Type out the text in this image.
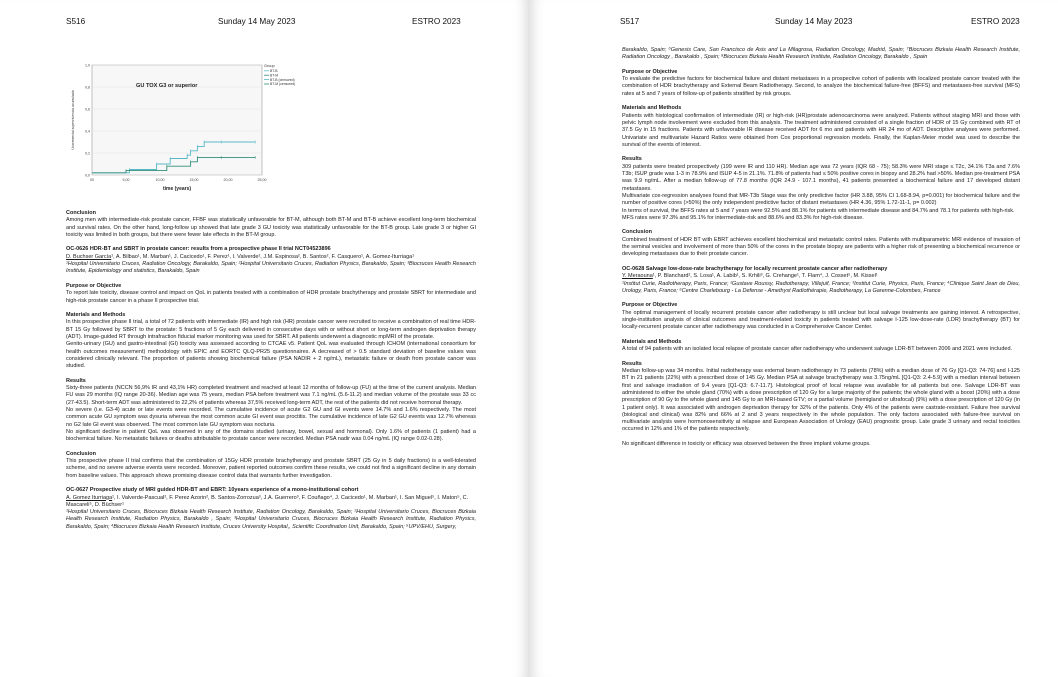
S516	Sunday 14 May 2023	ESTRO 2023
0,0
0,2
0,4
0,6
0,8
1,0
00	5,00	10,00	15,00	20,00	25,00
time (years)
Uncremental superviviencia acumulada
GU TOX G3 or superior
Group
BT-B
BT-M
BT-B (censored)
BT-M (censored)
Conclusion

Among men with intermediate-risk prostate cancer, FFBF was statistically unfavorable for BT-M, although both BT-M and BT-B achieve excellent long-term biochemical and survival rates. On the other hand, long-follow up showed that late grade 3 GU toxicity was statistically unfavorable for the BT-B group. Late grade 3 or higher GI toxicity was limited in both groups, but there were fewer late effects in the BT-M group.

OC-0626 HDR-BT and SBRT in prostate cancer: results from a prospective phase II trial NCT04523896
D. Buchser García¹, A. Bilbao¹, M. Marban¹, J. Cacicedo¹, F. Perez¹, I. Valverde², J.M. Espinosa², B. Santos², F. Casquero¹, A. Gomez-Iturriaga¹
¹Hospital Universitario Cruces, Radiation Oncology, Barakaldo, Spain; ²Hospital Universitario Cruces, Radiation Physics, Barakaldo, Spain; ³Biocruces Health Research Institute, Epidemiology and statistics, Barakaldo, Spain
Purpose or Objective

To report late toxicity, disease control and impact on QoL in patients treated with a combination of HDR prostate brachytherapy and prostate SBRT for intermediate and high-risk prostate cancer in a phase II prospective trial.

Materials and Methods

In this prospective phase II trial, a total of 72 patients with intermediate (IR) and high risk (HR) prostate cancer were recruited to receive a combination of real time HDR-BT 15 Gy followed by SBRT to the prostate: 5 fractions of 5 Gy each delivered in consecutive days with or without short or long-term androgen deprivation therapy (ADT). Image-guided RT through intrafraction fiducial marker monitoring was used for SBRT. All patients underwent a diagnostic mpMRI of the prostate.
Genito-urinary (GU) and gastro-intestinal (GI) toxicity was assessed according to CTCAE v5. Patient QoL was evaluated through ICHOM (international consortium for health outcomes measurement) methodology with EPIC and EORTC QLQ-PR25 questionnaires. A decreased of > 0.5 standard deviation of baseline values was considered clinically relevant. The proportion of patients showing biochemical failure (PSA NADIR + 2 ng/mL), metastatic failure or death from prostate cancer was studied.

Results

Sixty-three patients (NCCN 56,9% IR and 43,1% HR) completed treatment and reached at least 12 months of follow-up (FU) at the time of the current analysis. Median FU was 29 months (IQ range 20-36). Median age was 75 years, median PSA before treatment was 7.1 ng/mL (5.6-11.2) and median volume of the prostate was 33 cc (27-43.5). Short-term ADT was administered to 22,2% of patients whereas 37,5% received long-term ADT, the rest of the patients did not receive hormonal therapy.
No severe (i.e. G3-4) acute or late events were recorded. The cumulative incidence of acute G2 GU and GI events were 14.7% and 1.6% respectively. The most common acute GU symptom was dysuria whereas the most common acute GI event was proctitis. The cumulative incidence of late G2 GU events was 12.7% whereas no G2 late GI event was observed. The most common late GU symptom was nocturia.
No significant decline in patient QoL was observed in any of the domains studied (urinary, bowel, sexual and hormonal). Only 1.6% of patients (1 patient) had a biochemical failure. No metastatic failures or deaths attributable to prostate cancer were recorded. Median PSA nadir was 0.04 ng/mL (IQ range 0.02-0.28).

Conclusion

This prospective phase II trial confirms that the combination of 15Gy HDR prostate brachytherapy and prostate SBRT (25 Gy in 5 daily fractions) is a well-tolerated scheme, and no severe adverse events were recorded. Moreover, patient reported outcomes confirm these results, we could not find a significant decline in any domain from baseline values. This approach shows promising disease control data that warrants further investigation.

OC-0627 Prospective study of MRI guided HDR-BT and EBRT: 10years experience of a mono-institutional cohort
A. Gomez Iturriaga¹, I. Valverde-Pascual², F. Perez Azorin², B. Santos-Zorrozua³, J.A. Guerrero³, F. Couñago⁴, J. Cacicedo¹, M. Marban¹, I. San Miguel⁵, I. Maton⁵, C. Mascareli⁵, D. Büchser¹
¹Hospital Universitario Cruces, Biocruces Bizkaia Health Research Institute, Radiation Oncology, Barakaldo, Spain; ²Hospital Universitario Cruces, Biocruces Bizkaia Health Research Institute, Radiation Physics, Barakaldo , Spain; ³Hospital Universitario Cruces, Biocruces Bizkaia Health Research Institute, Radiation Physics, Barakaldo, Spain; ⁴Biocruces Bizkaia Health Research Institute, Cruces University Hospital,, Scientific Coordination Unit, Barakaldo, Spain; ⁵UPV/EHU, Surgery,
S517	Sunday 14 May 2023	ESTRO 2023
Barakaldo, Spain; ⁶Genesis Care, San Francisco de Asis and La Milagrosa, Radiation Oncology, Madrid, Spain; ⁷Biocruces Bizkaia Health Research Institute, Radiation Oncology , Barakaldo , Spain; ⁸Biocruces Bizkaia Health Research Institute, Radiation Oncology, Barakaldo , Spain
Purpose or Objective

To evaluate the predictive factors for biochemical failure and distant metastases in a prospective cohort of patients with localized prostate cancer treated with the combination of HDR brachytherapy and External Beam Radiotherapy. Second, to analyze the biochemical failure-free (BFFS) and metastases-free survival (MFS) rates at 5 and 7 years of follow-up of patients stratified by risk groups.

Materials and Methods

Patients with histological confirmation of intermediate (IR) or high-risk (HR)prostate adenocarcinoma were analyzed. Patients without staging MRI and those with pelvic lymph node involvement were excluded from this analysis. The treatment administered consisted of a single fraction of HDR of 15 Gy combined with RT of 37.5 Gy in 15 fractions. Patients with unfavorable IR disease received ADT for 6 mo and patients with HR 24 mo of ADT. Descriptive analyses were performed. Univariate and multivariate Hazard Ratios were obtained from Cox proportional regression models. Finally, the Kaplan-Meier model was used to describe the survival of the events of interest.

Results

309 patients were treated prospectively (199 were IR and 110 HR). Median age was 72 years (IQR 68 - 75); 58.3% were MRI stage ≤ T2c, 34.1% T3a and 7.6% T3b; ISUP grade was 1-3 in 78.9% and ISUP 4-5 in 21.1%. 71.8% of patients had ≤ 50% positive cores in biopsy and 28.2% had >50%. Median pre-treatment PSA was 9.9 ng/mL. After a median follow-up of 77.8 months (IQR 24.9 - 107.1 months), 41 patients presented a biochemical failure and 17 developed distant metastases.
Multivariate cox-regression analyses found that MR-T3b Stage was the only predictive factor (HR 3.88, 95% CI 1.68-8.94, p=0.001) for biochemical failure and the number of positive cores (>50%) the only independent predictive factor of distant metastases (HR 4.36, 95% 1.72-11-1, p= 0.002)
In terms of survival, the BFFS rates at 5 and 7 years were 92.5% and 88.1% for patients with intermediate disease and 84.7% and 78.1 for patients with high-risk.
MFS rates were 97.3% and 95.1% for intermediate-risk and 88.6% and 83.3% for high-risk disease.

Conclusion

Combined treatment of HDR BT with EBRT achieves excellent biochemical and metastatic control rates. Patients with multiparametric MRI evidence of invasion of the seminal vesicles and involvement of more than 50% of the cores in the prostate biopsy are patients with a higher risk of presenting a biochemical recurrence or developing metastases due to their prostate cancer.

OC-0628 Salvage low-dose-rate brachytherapy for locally recurrent prostate cancer after radiotherapy
Y. Meraouna¹, P. Blanchard², S. Losa¹, A. Labib¹, S. Krhili³, G. Crehange¹, T. Flam⁴, J. Cosset⁵, M. Kissel¹
¹Institut Curie, Radiotherapy, Paris, France; ²Gustave Roussy, Radiotherapy, Villejuif, France; ³Institut Curie, Physics, Paris, France; ⁴Clinique Saint Jean de Dieu, Urology, Paris, France; ⁵Centre Charlebourg - La Defense - Amethyst Radiothérapie, Radiotherapy, La Garenne-Colombes, France
Purpose or Objective

The optimal management of locally recurrent prostate cancer after radiotherapy is still unclear but local salvage treatments are gaining interest. A retrospective, single-institution analysis of clinical outcomes and treatment-related toxicity in patients treated with salvage I-125 low-dose-rate (LDR) brachytherapy (BT) for locally-recurrent prostate cancer after radiotherapy was conducted in a Comprehensive Cancer Center.

Materials and Methods

A total of 94 patients with an isolated local relapse of prostate cancer after radiotherapy who underwent salvage LDR-BT between 2006 and 2021 were included.

Results

Median follow-up was 34 months. Initial radiotherapy was external beam radiotherapy in 73 patients (78%) with a median dose of 76 Gy [Q1-Q3: 74-76] and I-125 BT in 21 patients (22%) with a prescribed dose of 145 Gy. Median PSA at salvage brachytherapy was 3.75ng/mL [Q1-Q3: 2.4-5.9] with a median interval between first and salvage irradiation of 9.4 years [Q1-Q3: 6.7-11.7]. Histological proof of local relapse was available for all patients but one. Salvage LDR-BT was administered to either the whole gland (70%) with a dose prescription of 120 Gy for a large majority of the patients; the whole gland with a boost (20%) with a dose prescription of 90 Gy to the whole gland and 145 Gy to an MRI-based GTV; or a partial volume (hemigland or ultrafocal) (9%) with a dose prescription of 120 Gy (in 1 patient only). It was associated with androgen deprivation therapy for 32% of the patients. Only 4% of the patients were castrate-resistant. Failure free survival (biological and clinical) was 82% and 66% at 2 and 3 years respectively in the whole population. The only factors associated with failure-free survival on multivariate analysis were hormonosensitivity at relapse and European Association of Urology (EAU) prognostic group. Late grade 3 urinary and rectal toxicities occurred in 12% and 1% of the patients respectively.

No significant difference in toxicity or efficacy was observed between the three implant volume groups.
